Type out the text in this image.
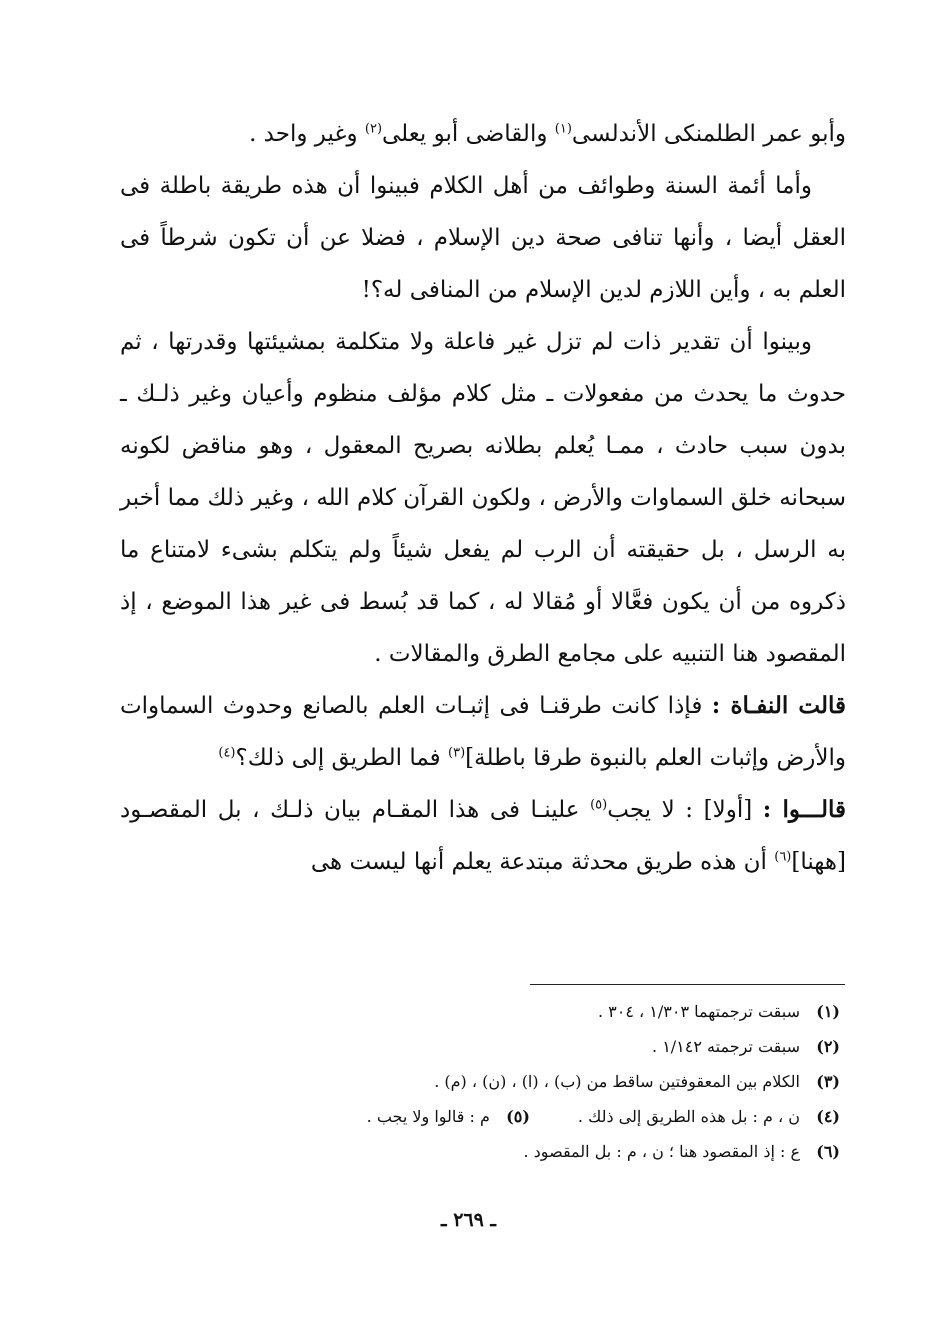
وأبو عمر الطلمنكى الأندلسى$^{(١)}$ والقاضى أبو يعلى$^{(٢)}$ وغير واحد .

وأما أئمة السنة وطوائف من أهل الكلام فبينوا أن هذه طريقة باطلة فى العقل أيضا ، وأنها تنافى صحة دين الإسلام ، فضلا عن أن تكون شرطاً فى العلم به ، وأين اللازم لدين الإسلام من المنافى له؟!

وبينوا أن تقدير ذات لم تزل غير فاعلة ولا متكلمة بمشيئتها وقدرتها ، ثم حدوث ما يحدث من مفعولات ـ مثل كلام مؤلف منظوم وأعيان وغير ذلـك ـ بدون سبب حادث ، ممـا يُعلم بطلانه بصريح المعقول ، وهو مناقض لكونه سبحانه خلق السماوات والأرض ، ولكون القرآن كلام الله ، وغير ذلك مما أخبر به الرسل ، بل حقيقته أن الرب لم يفعل شيئاً ولم يتكلم بشىء لامتناع ما ذكروه من أن يكون فعَّالا أو مُقالا له ، كما قد بُسط فى غير هذا الموضع ، إذ المقصود هنا التنبيه على مجامع الطرق والمقالات .

قالت النفـاة : فإذا كانت طرقنـا فى إثبـات العلم بالصانع وحدوث السماوات والأرض وإثبات العلم بالنبوة طرقا باطلة]$^{(٣)}$ فما الطريق إلى ذلك؟$^{(٤)}$

قالـــوا : [أولا] : لا يجب$^{(٥)}$ علينـا فى هذا المقـام بيان ذلـك ، بل المقصـود [ههنا]$^{(٦)}$ أن هذه طريق محدثة مبتدعة يعلم أنها ليست هى

(١)سبقت ترجمتهما ١/٣٠٣ ، ٣٠٤ .

(٢)سبقت ترجمته ١/١٤٢ .

(٣)الكلام بين المعقوفتين ساقط من (ب) ، (ا) ، (ن) ، (م) .

(٤)ن ، م : بل هذه الطريق إلى ذلك .(٥)م : قالوا ولا يجب .

(٦)ع : إذ المقصود هنا ؛ ن ، م : بل المقصود .

ـ ٢٦٩ ـ
